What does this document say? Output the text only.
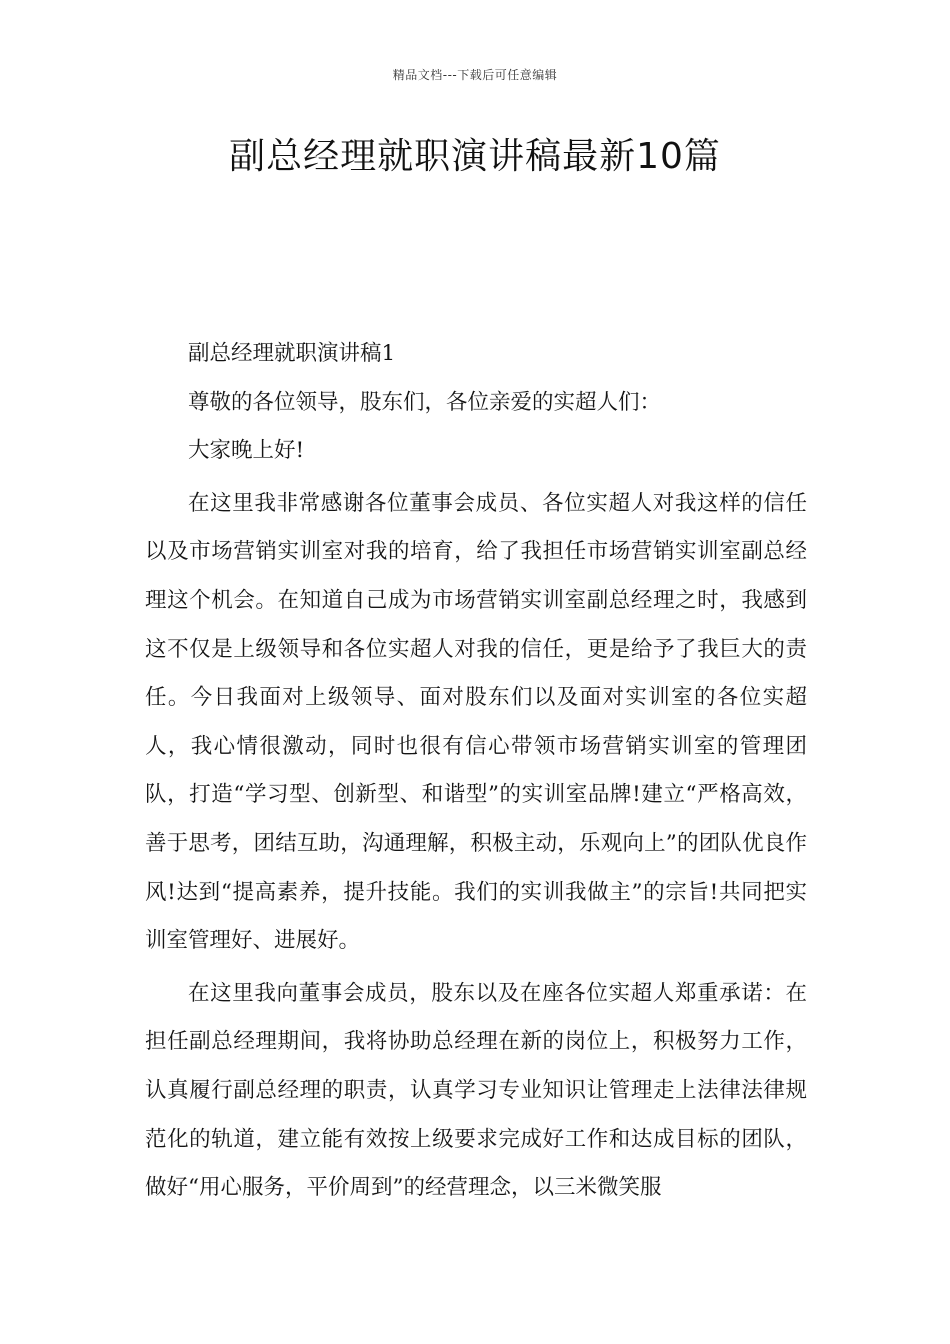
精品文档---下载后可任意编辑
副总经理就职演讲稿最新10篇

副总经理就职演讲稿1

尊敬的各位领导，股东们，各位亲爱的实超人们：

大家晚上好!

在这里我非常感谢各位董事会成员、各位实超人对我这样的信任以及市场营销实训室对我的培育，给了我担任市场营销实训室副总经理这个机会。在知道自己成为市场营销实训室副总经理之时，我感到这不仅是上级领导和各位实超人对我的信任，更是给予了我巨大的责任。今日我面对上级领导、面对股东们以及面对实训室的各位实超人，我心情很激动，同时也很有信心带领市场营销实训室的管理团队，打造“学习型、创新型、和谐型”的实训室品牌!建立“严格高效，善于思考，团结互助，沟通理解，积极主动，乐观向上”的团队优良作风!达到“提高素养，提升技能。我们的实训我做主”的宗旨!共同把实训室管理好、进展好。

在这里我向董事会成员，股东以及在座各位实超人郑重承诺：在担任副总经理期间，我将协助总经理在新的岗位上，积极努力工作，认真履行副总经理的职责，认真学习专业知识让管理走上法律法律规范化的轨道，建立能有效按上级要求完成好工作和达成目标的团队，做好“用心服务，平价周到”的经营理念，以三米微笑服
